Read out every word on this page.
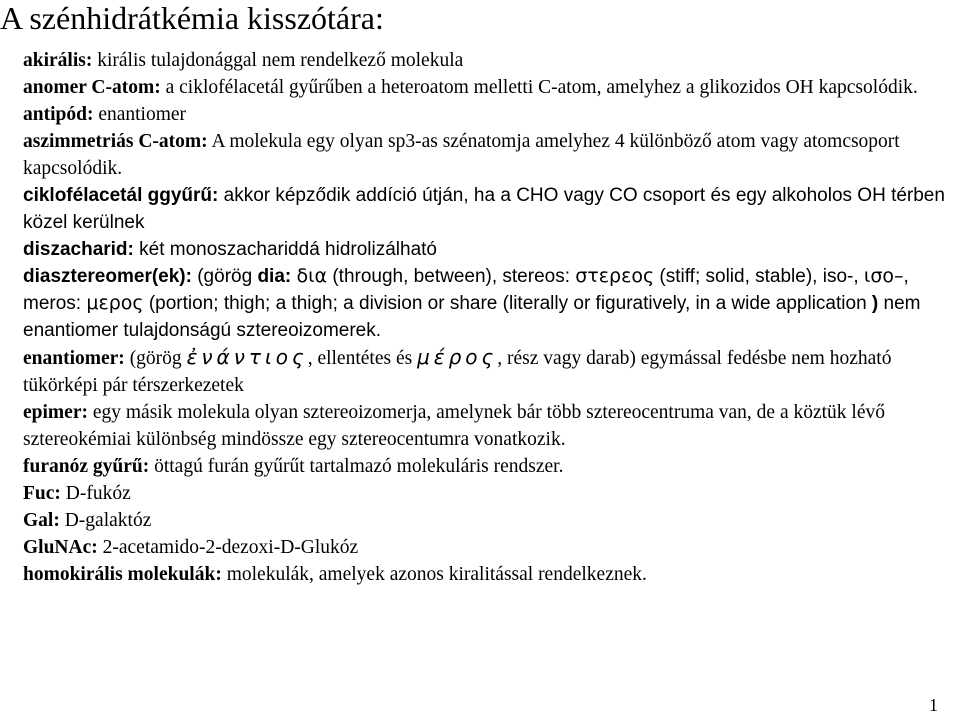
A szénhidrátkémia kisszótára:

akirális: királis tulajdonággal nem rendelkező molekula

anomer C-atom: a ciklofélacetál gyűrűben a heteroatom melletti C-atom, amelyhez a glikozidos OH kapcsolódik.

antipód: enantiomer

aszimmetriás C-atom: A molekula egy olyan sp3-as szénatomja amelyhez 4 különböző atom vagy atomcsoport kapcsolódik.

ciklofélacetál ggyűrű: akkor képződik addíció útján, ha a CHO vagy CO csoport és egy alkoholos OH térben közel kerülnek

diszacharid: két monoszachariddá hidrolizálható

diasztereomer(ek): (görög dia: δια (through, between), stereos: στερεος (stiff; solid, stable), iso-, ισο–, meros: μερος (portion; thigh; a thigh; a division or share (literally or figuratively, in a wide application ) nem enantiomer tulajdonságú sztereoizomerek.

enantiomer: (görög ἐνάντιος, ellentétes és μέρος, rész vagy darab) egymással fedésbe nem hozható tükörképi pár térszerkezetek

epimer: egy másik molekula olyan sztereoizomerja, amelynek bár több sztereocentruma van, de a köztük lévő sztereokémiai különbség mindössze egy sztereocentumra vonatkozik.

furanóz gyűrű: öttagú furán gyűrűt tartalmazó molekuláris rendszer.

Fuc: D-fukóz

Gal: D-galaktóz

GluNAc: 2-acetamido-2-dezoxi-D-Glukóz

homokirális molekulák: molekulák, amelyek azonos kiralitással rendelkeznek.

1
